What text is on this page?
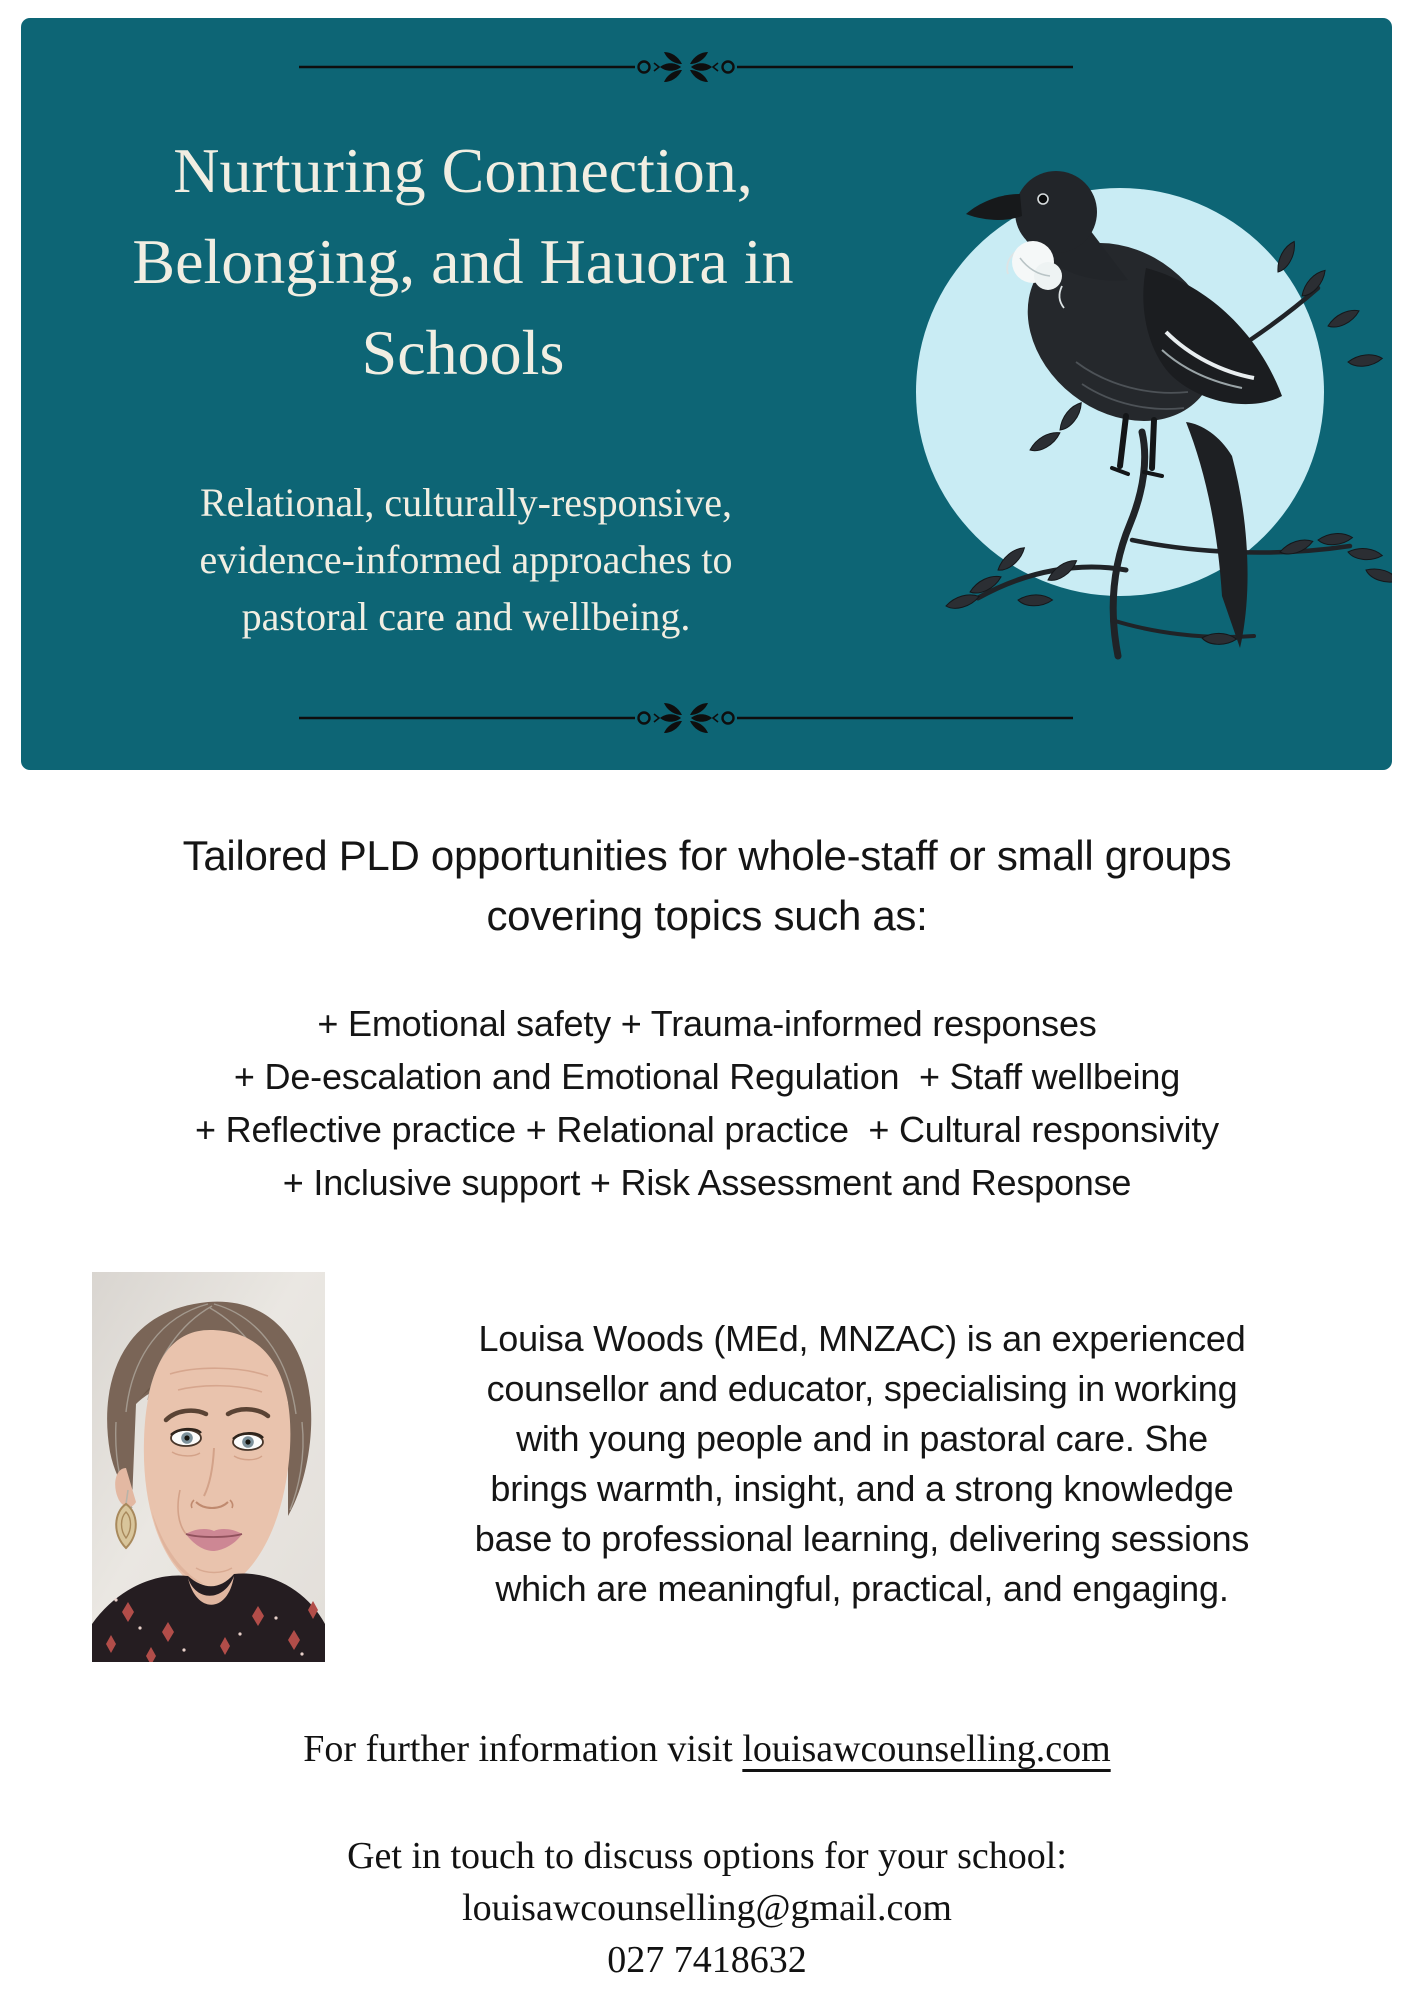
Nurturing Connection,
Belonging, and Hauora in
Schools
Relational, culturally-responsive,
evidence-informed approaches to
pastoral care and wellbeing.
Tailored PLD opportunities for whole-staff or small groups
covering topics such as:
+ Emotional safety + Trauma-informed responses
+ De-escalation and Emotional Regulation  + Staff wellbeing
+ Reflective practice + Relational practice  + Cultural responsivity
+ Inclusive support + Risk Assessment and Response
Louisa Woods (MEd, MNZAC) is an experienced
counsellor and educator, specialising in working
with young people and in pastoral care. She
brings warmth, insight, and a strong knowledge
base to professional learning, delivering sessions
which are meaningful, practical, and engaging.
For further information visit louisawcounselling.com
Get in touch to discuss options for your school:
louisawcounselling@gmail.com
027 7418632
